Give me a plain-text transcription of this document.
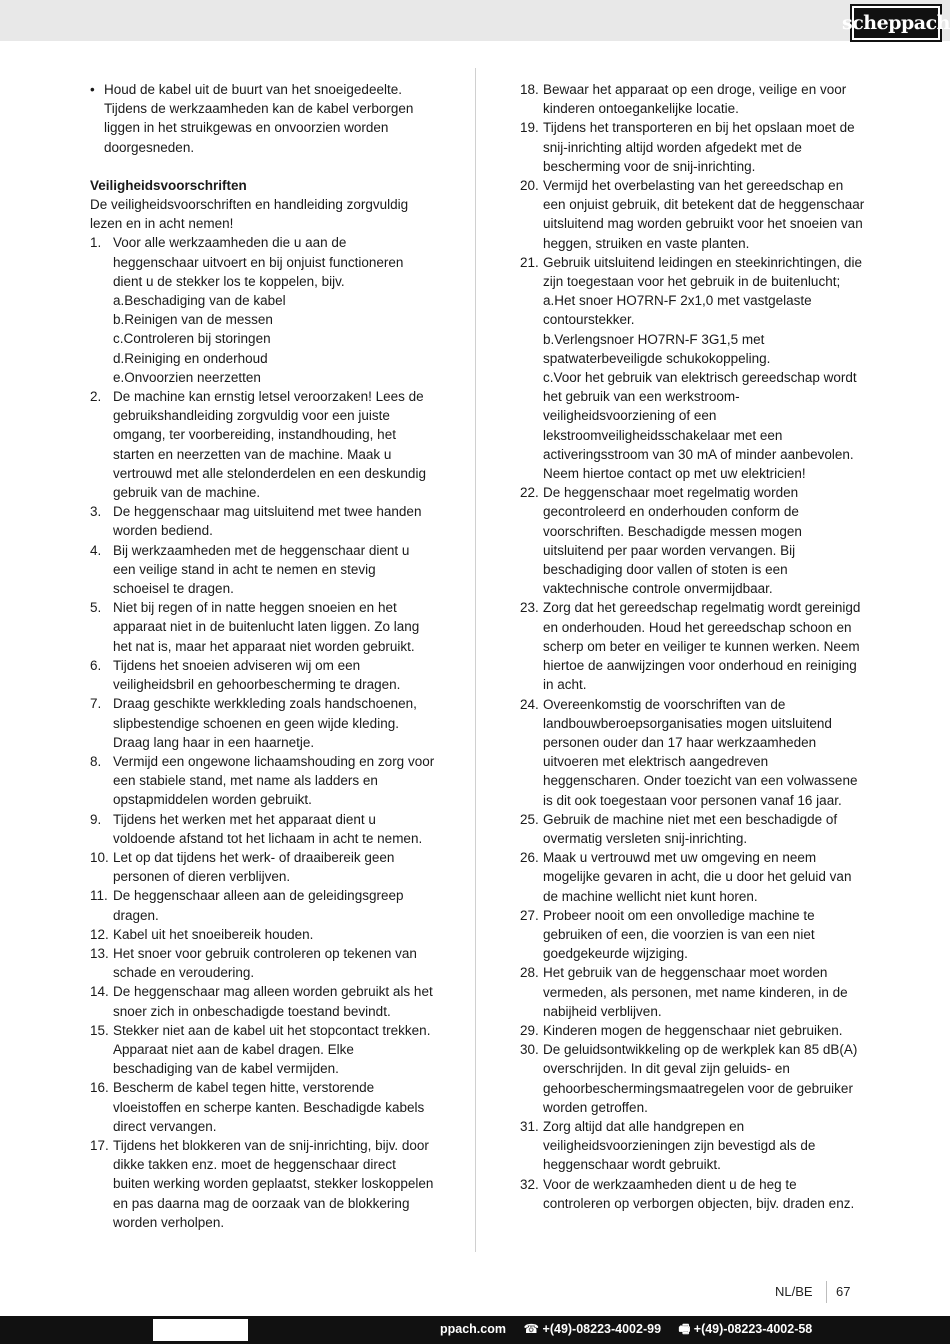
scheppach
• Houd de kabel uit de buurt van het snoeigedeelte. Tijdens de werkzaamheden kan de kabel verborgen liggen in het struikgewas en onvoorzien worden doorgesneden.
Veiligheidsvoorschriften
De veiligheidsvoorschriften en handleiding zorgvuldig lezen en in acht nemen!
1. Voor alle werkzaamheden die u aan de heggenschaar uitvoert en bij onjuist functioneren dient u de stekker los te koppelen, bijv.
a.Beschadiging van de kabel
b.Reinigen van de messen
c.Controleren bij storingen
d.Reiniging en onderhoud
e.Onvoorzien neerzetten
2. De machine kan ernstig letsel veroorzaken! Lees de gebruikshandleiding zorgvuldig voor een juiste omgang, ter voorbereiding, instandhouding, het starten en neerzetten van de machine. Maak u vertrouwd met alle stelonderdelen en een deskundig gebruik van de machine.
3. De heggenschaar mag uitsluitend met twee handen worden bediend.
4. Bij werkzaamheden met de heggenschaar dient u een veilige stand in acht te nemen en stevig schoeisel te dragen.
5. Niet bij regen of in natte heggen snoeien en het apparaat niet in de buitenlucht laten liggen. Zo lang het nat is, maar het apparaat niet worden gebruikt.
6. Tijdens het snoeien adviseren wij om een veiligheidsbril en gehoorbescherming te dragen.
7. Draag geschikte werkkleding zoals handschoenen, slipbestendige schoenen en geen wijde kleding. Draag lang haar in een haarnetje.
8. Vermijd een ongewone lichaamshouding en zorg voor een stabiele stand, met name als ladders en opstapmiddelen worden gebruikt.
9. Tijdens het werken met het apparaat dient u voldoende afstand tot het lichaam in acht te nemen.
10. Let op dat tijdens het werk- of draaibereik geen personen of dieren verblijven.
11. De heggenschaar alleen aan de geleidingsgreep dragen.
12. Kabel uit het snoeibereik houden.
13. Het snoer voor gebruik controleren op tekenen van schade en veroudering.
14. De heggenschaar mag alleen worden gebruikt als het snoer zich in onbeschadigde toestand bevindt.
15. Stekker niet aan de kabel uit het stopcontact trekken. Apparaat niet aan de kabel dragen. Elke beschadiging van de kabel vermijden.
16. Bescherm de kabel tegen hitte, verstorende vloeistoffen en scherpe kanten. Beschadigde kabels direct vervangen.
17. Tijdens het blokkeren van de snij-inrichting, bijv. door dikke takken enz. moet de heggenschaar direct buiten werking worden geplaatst, stekker loskoppelen en pas daarna mag de oorzaak van de blokkering worden verholpen.
18. Bewaar het apparaat op een droge, veilige en voor kinderen ontoegankelijke locatie.
19. Tijdens het transporteren en bij het opslaan moet de snij-inrichting altijd worden afgedekt met de bescherming voor de snij-inrichting.
20. Vermijd het overbelasting van het gereedschap en een onjuist gebruik, dit betekent dat de heggenschaar uitsluitend mag worden gebruikt voor het snoeien van heggen, struiken en vaste planten.
21. Gebruik uitsluitend leidingen en steekinrichtingen, die zijn toegestaan voor het gebruik in de buitenlucht;
a.Het snoer HO7RN-F 2x1,0 met vastgelaste contourstekker.
b.Verlengsnoer HO7RN-F 3G1,5 met spatwaterbeveiligde schukokoppeling.
c.Voor het gebruik van elektrisch gereedschap wordt het gebruik van een werkstroom-veiligheidsvoorziening of een lekstroomveiligheidsschakelaar met een activeringsstroom van 30 mA of minder aanbevolen. Neem hiertoe contact op met uw elektricien!
22. De heggenschaar moet regelmatig worden gecontroleerd en onderhouden conform de voorschriften. Beschadigde messen mogen uitsluitend per paar worden vervangen. Bij beschadiging door vallen of stoten is een vaktechnische controle onvermijdbaar.
23. Zorg dat het gereedschap regelmatig wordt gereinigd en onderhouden. Houd het gereedschap schoon en scherp om beter en veiliger te kunnen werken. Neem hiertoe de aanwijzingen voor onderhoud en reiniging in acht.
24. Overeenkomstig de voorschriften van de landbouwberoepsorganisaties mogen uitsluitend personen ouder dan 17 haar werkzaamheden uitvoeren met elektrisch aangedreven heggenscharen. Onder toezicht van een volwassene is dit ook toegestaan voor personen vanaf 16 jaar.
25. Gebruik de machine niet met een beschadigde of overmatig versleten snij-inrichting.
26. Maak u vertrouwd met uw omgeving en neem mogelijke gevaren in acht, die u door het geluid van de machine wellicht niet kunt horen.
27. Probeer nooit om een onvolledige machine te gebruiken of een, die voorzien is van een niet goedgekeurde wijziging.
28. Het gebruik van de heggenschaar moet worden vermeden, als personen, met name kinderen, in de nabijheid verblijven.
29. Kinderen mogen de heggenschaar niet gebruiken.
30. De geluidsontwikkeling op de werkplek kan 85 dB(A) overschrijden. In dit geval zijn geluids- en gehoorbeschermingsmaatregelen voor de gebruiker worden getroffen.
31. Zorg altijd dat alle handgrepen en veiligheidsvoorzieningen zijn bevestigd als de heggenschaar wordt gebruikt.
32. Voor de werkzaamheden dient u de heg te controleren op verborgen objecten, bijv. draden enz.
NL/BE 67
ppach.com ☎ +(49)-08223-4002-99 🖷 +(49)-08223-4002-58
